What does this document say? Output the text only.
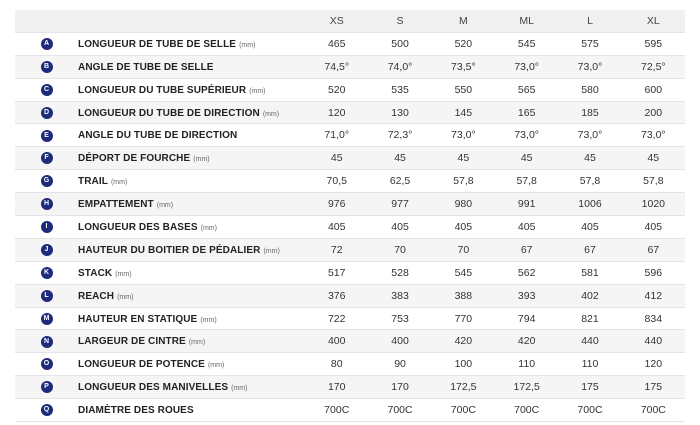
		XS	S	M	ML	L	XL
A	LONGUEUR DE TUBE DE SELLE (mm)	465	500	520	545	575	595
B	ANGLE DE TUBE DE SELLE	74,5°	74,0°	73,5°	73,0°	73,0°	72,5°
C	LONGUEUR DU TUBE SUPÉRIEUR (mm)	520	535	550	565	580	600
D	LONGUEUR DU TUBE DE DIRECTION (mm)	120	130	145	165	185	200
E	ANGLE DU TUBE DE DIRECTION	71,0°	72,3°	73,0°	73,0°	73,0°	73,0°
F	DÉPORT DE FOURCHE (mm)	45	45	45	45	45	45
G	TRAIL (mm)	70,5	62,5	57,8	57,8	57,8	57,8
H	EMPATTEMENT (mm)	976	977	980	991	1006	1020
I	LONGUEUR DES BASES (mm)	405	405	405	405	405	405
J	HAUTEUR DU BOITIER DE PÉDALIER (mm)	72	70	70	67	67	67
K	STACK (mm)	517	528	545	562	581	596
L	REACH (mm)	376	383	388	393	402	412
M	HAUTEUR EN STATIQUE (mm)	722	753	770	794	821	834
N	LARGEUR DE CINTRE (mm)	400	400	420	420	440	440
O	LONGUEUR DE POTENCE (mm)	80	90	100	110	110	120
P	LONGUEUR DES MANIVELLES (mm)	170	170	172,5	172,5	175	175
Q	DIAMÈTRE DES ROUES	700C	700C	700C	700C	700C	700C
